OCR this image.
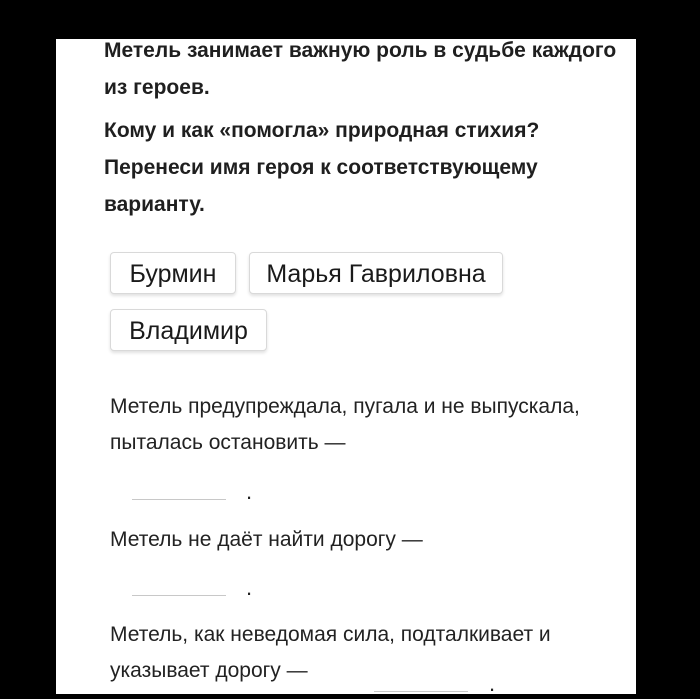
Метель занимает важную роль в судьбе каждого из героев.

Кому и как «помогла» природная стихия? Перенеси имя героя к соответствующему варианту.

Бурмин	Марья Гавриловна
Владимир

Метель предупреждала, пугала и не выпускала, пыталась остановить —

.

Метель не даёт найти дорогу —

.

Метель, как неведомая сила, подталкивает и указывает дорогу —

.
